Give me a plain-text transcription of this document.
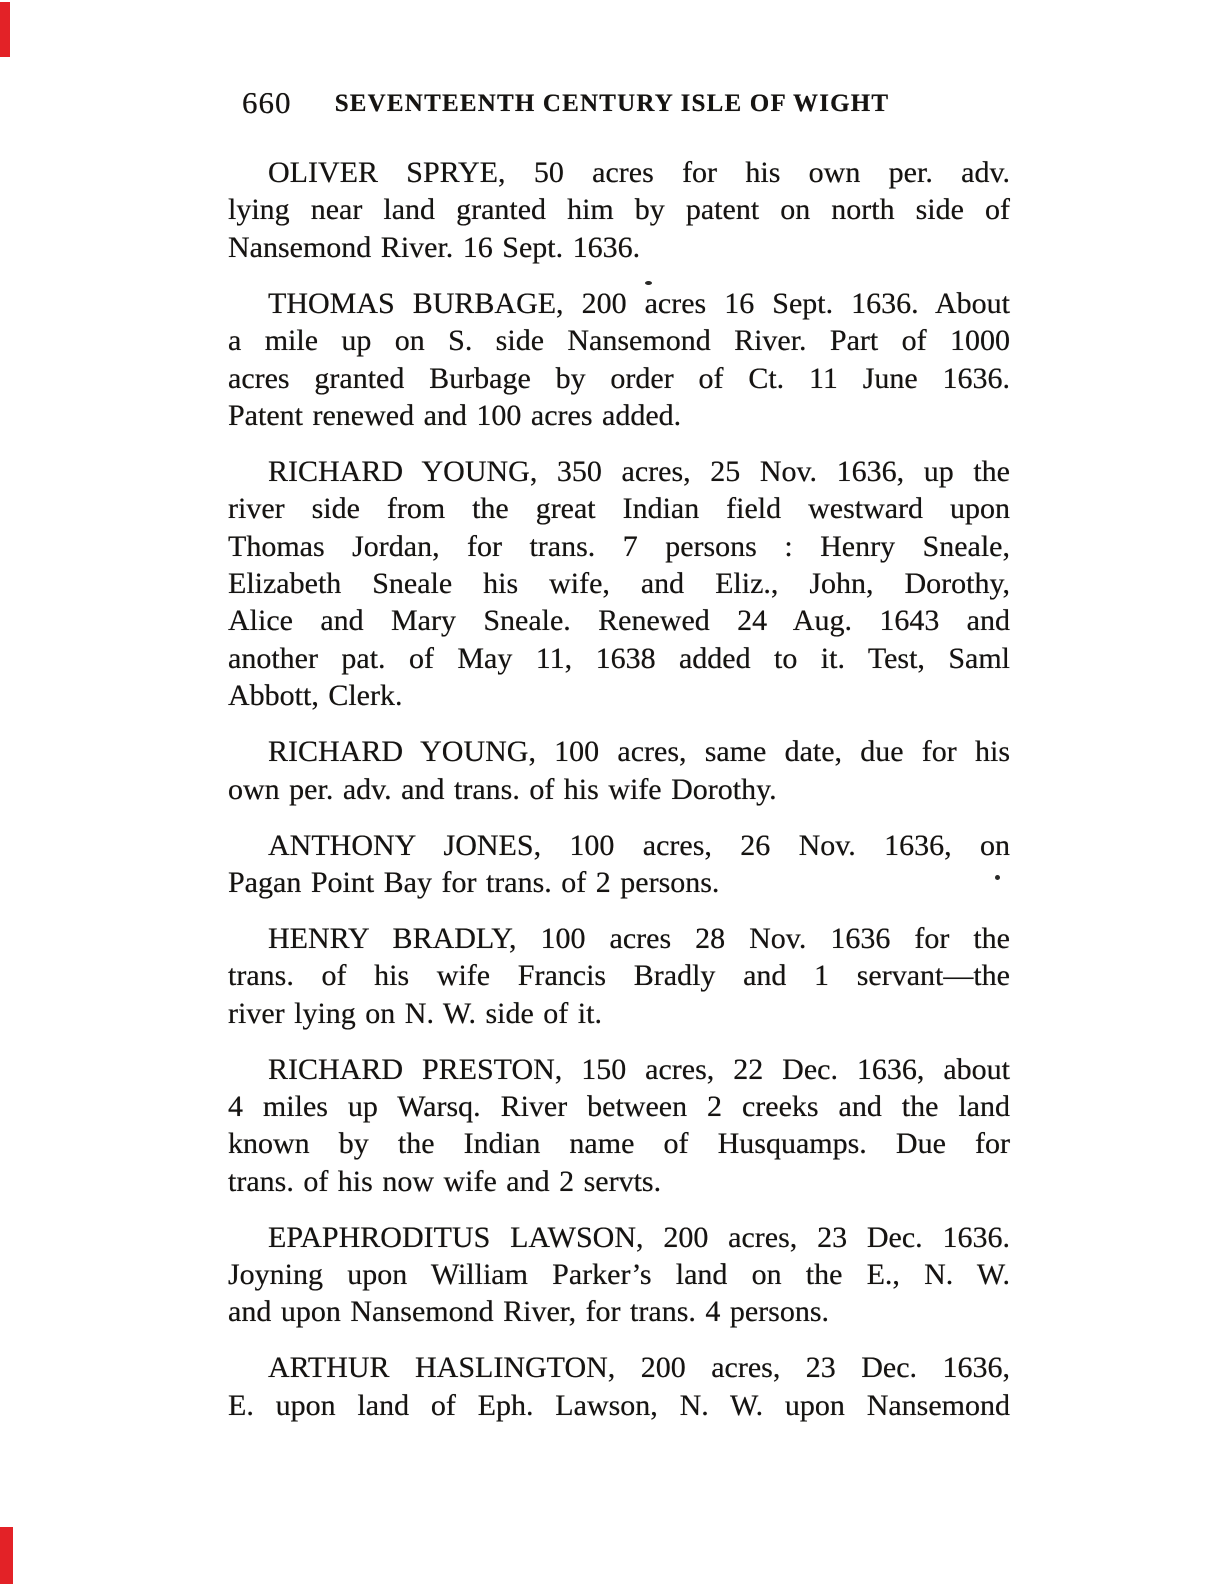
660	SEVENTEENTH CENTURY ISLE OF WIGHT

OLIVER SPRYE, 50 acres for his own per. adv.
lying near land granted him by patent on north side of
Nansemond River. 16 Sept. 1636.

THOMAS BURBAGE, 200 acres 16 Sept. 1636. About
a mile up on S. side Nansemond River. Part of 1000
acres granted Burbage by order of Ct. 11 June 1636.
Patent renewed and 100 acres added.

RICHARD YOUNG, 350 acres, 25 Nov. 1636, up the
river side from the great Indian field westward upon
Thomas Jordan, for trans. 7 persons : Henry Sneale,
Elizabeth Sneale his wife, and Eliz., John, Dorothy,
Alice and Mary Sneale. Renewed 24 Aug. 1643 and
another pat. of May 11, 1638 added to it. Test, Saml
Abbott, Clerk.

RICHARD YOUNG, 100 acres, same date, due for his
own per. adv. and trans. of his wife Dorothy.

ANTHONY JONES, 100 acres, 26 Nov. 1636, on
Pagan Point Bay for trans. of 2 persons.

HENRY BRADLY, 100 acres 28 Nov. 1636 for the
trans. of his wife Francis Bradly and 1 servant—the
river lying on N. W. side of it.

RICHARD PRESTON, 150 acres, 22 Dec. 1636, about
4 miles up Warsq. River between 2 creeks and the land
known by the Indian name of Husquamps. Due for
trans. of his now wife and 2 servts.

EPAPHRODITUS LAWSON, 200 acres, 23 Dec. 1636.
Joyning upon William Parker’s land on the E., N. W.
and upon Nansemond River, for trans. 4 persons.

ARTHUR HASLINGTON, 200 acres, 23 Dec. 1636,
E. upon land of Eph. Lawson, N. W. upon Nansemond
